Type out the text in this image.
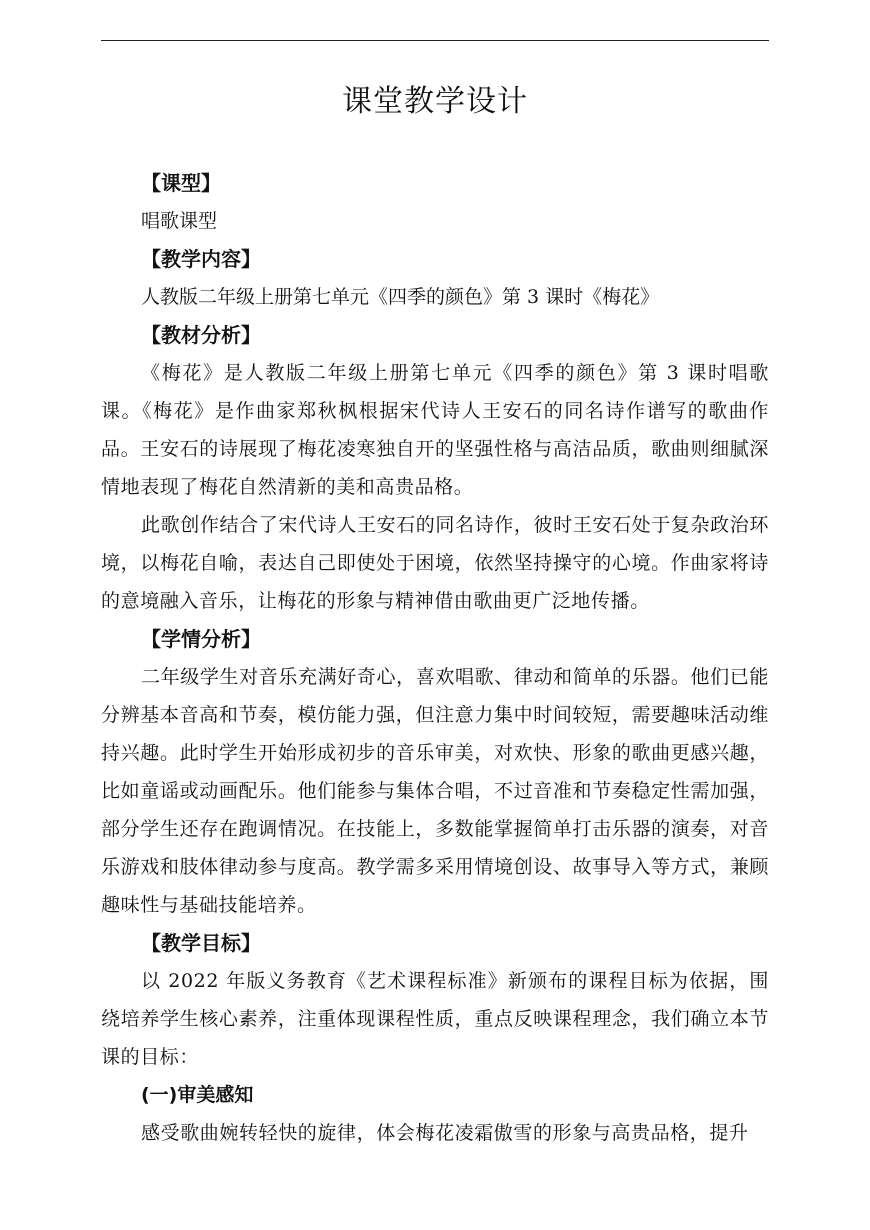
课堂教学设计
【课型】
唱歌课型
【教学内容】
人教版二年级上册第七单元《四季的颜色》第 3 课时《梅花》
【教材分析】

《梅花》是人教版二年级上册第七单元《四季的颜色》第 3 课时唱歌课。《梅花》是作曲家郑秋枫根据宋代诗人王安石的同名诗作谱写的歌曲作品。王安石的诗展现了梅花凌寒独自开的坚强性格与高洁品质，歌曲则细腻深情地表现了梅花自然清新的美和高贵品格。

此歌创作结合了宋代诗人王安石的同名诗作，彼时王安石处于复杂政治环境，以梅花自喻，表达自己即使处于困境，依然坚持操守的心境。作曲家将诗的意境融入音乐，让梅花的形象与精神借由歌曲更广泛地传播。

【学情分析】

二年级学生对音乐充满好奇心，喜欢唱歌、律动和简单的乐器。他们已能分辨基本音高和节奏，模仿能力强，但注意力集中时间较短，需要趣味活动维持兴趣。此时学生开始形成初步的音乐审美，对欢快、形象的歌曲更感兴趣，比如童谣或动画配乐。他们能参与集体合唱，不过音准和节奏稳定性需加强，部分学生还存在跑调情况。在技能上，多数能掌握简单打击乐器的演奏，对音乐游戏和肢体律动参与度高。教学需多采用情境创设、故事导入等方式，兼顾趣味性与基础技能培养。

【教学目标】

以 2022 年版义务教育《艺术课程标准》新颁布的课程目标为依据，围绕培养学生核心素养，注重体现课程性质，重点反映课程理念，我们确立本节课的目标：

(一)审美感知

感受歌曲婉转轻快的旋律，体会梅花凌霜傲雪的形象与高贵品格，提升
